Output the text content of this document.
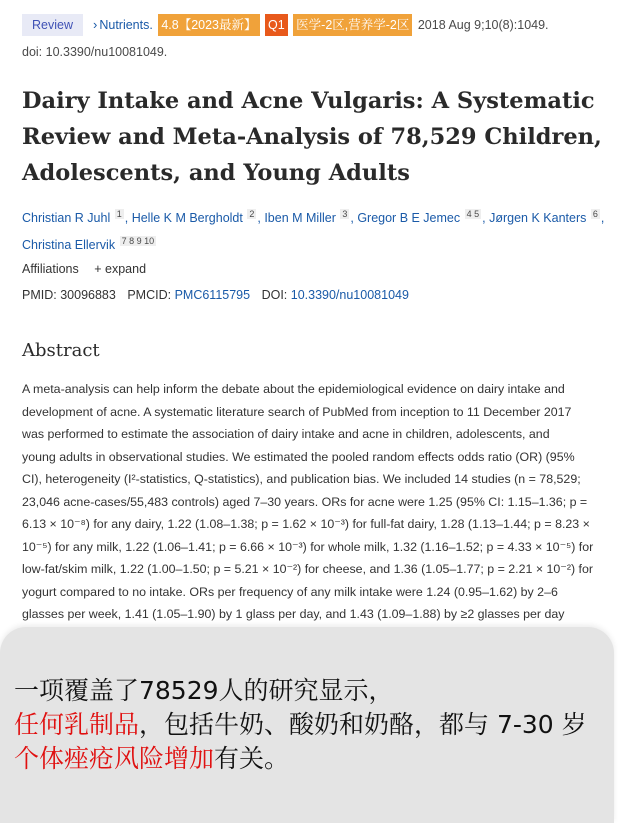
Review › Nutrients. 4.8【2023最新】 Q1 医学-2区,营养学-2区 2018 Aug 9;10(8):1049.
doi: 10.3390/nu10081049.
Dairy Intake and Acne Vulgaris: A Systematic Review and Meta-Analysis of 78,529 Children, Adolescents, and Young Adults
Christian R Juhl $^1$ , Helle K M Bergholdt $^2$ , Iben M Miller $^3$ , Gregor B E Jemec $^{4 5}$ , Jørgen K Kanters $^6$ , Christina Ellervik $^{7 8 9 10}$
Affiliations + expand
PMID: 30096883 PMCID: PMC6115795 DOI: 10.3390/nu10081049
Abstract

A meta-analysis can help inform the debate about the epidemiological evidence on dairy intake and

development of acne. A systematic literature search of PubMed from inception to 11 December 2017

was performed to estimate the association of dairy intake and acne in children, adolescents, and

young adults in observational studies. We estimated the pooled random effects odds ratio (OR) (95%

CI), heterogeneity (I²-statistics, Q-statistics), and publication bias. We included 14 studies (n = 78,529;

23,046 acne-cases/55,483 controls) aged 7‒30 years. ORs for acne were 1.25 (95% CI: 1.15‒1.36; p =

6.13 × 10⁻⁸) for any dairy, 1.22 (1.08‒1.38; p = 1.62 × 10⁻³) for full-fat dairy, 1.28 (1.13‒1.44; p = 8.23 ×

10⁻⁵) for any milk, 1.22 (1.06‒1.41; p = 6.66 × 10⁻³) for whole milk, 1.32 (1.16‒1.52; p = 4.33 × 10⁻⁵) for

low-fat/skim milk, 1.22 (1.00‒1.50; p = 5.21 × 10⁻²) for cheese, and 1.36 (1.05‒1.77; p = 2.21 × 10⁻²) for

yogurt compared to no intake. ORs per frequency of any milk intake were 1.24 (0.95‒1.62) by 2‒6

glasses per week, 1.41 (1.05‒1.90) by 1 glass per day, and 1.43 (1.09‒1.88) by ≥2 glasses per day

一项覆盖了78529人的研究显示，
任何乳制品，包括牛奶、酸奶和奶酪，都与 7-30 岁个体痤疮风险增加有关。
